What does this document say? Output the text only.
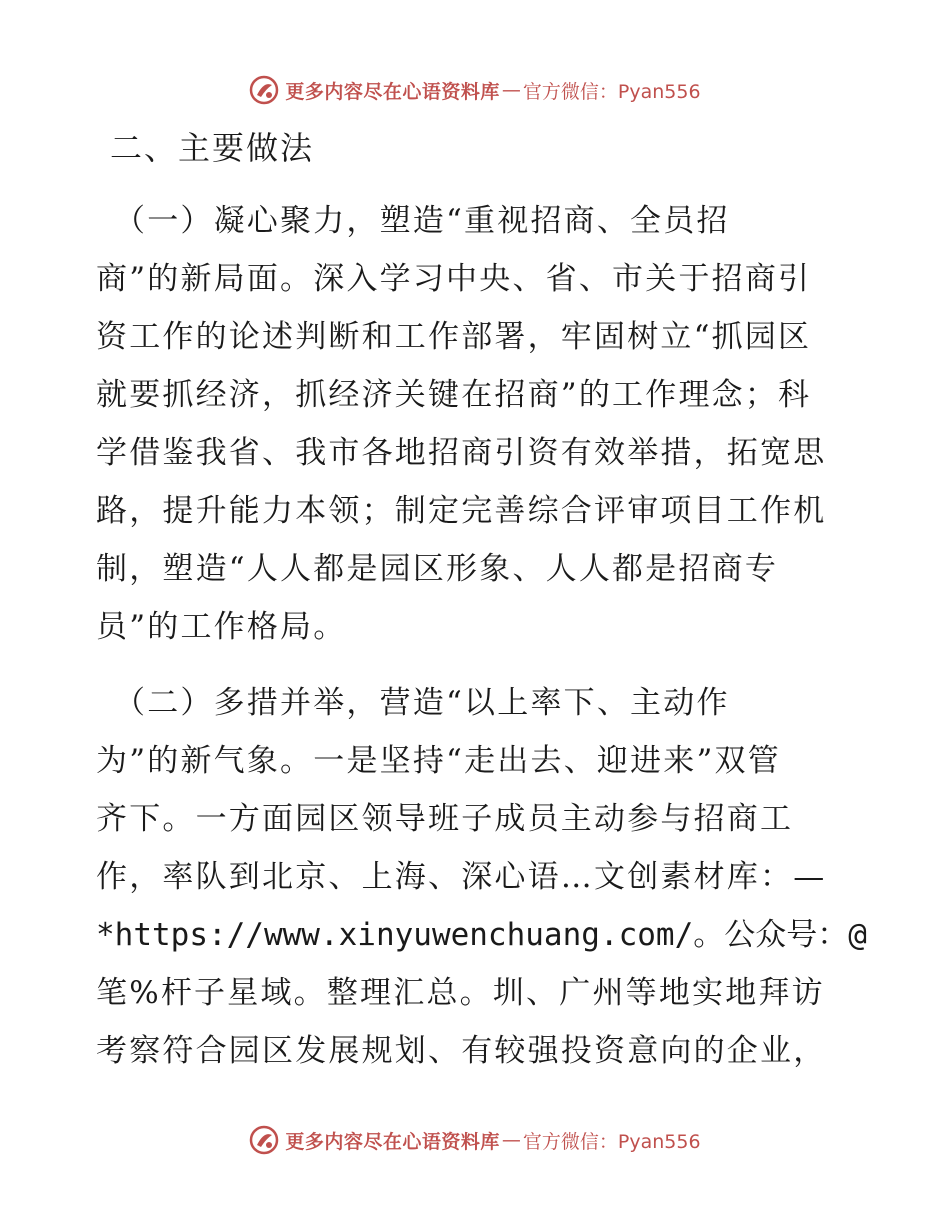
更多内容尽在心语资料库 — 官方微信：Pyan556
二、主要做法
（一）凝心聚力，塑造“重视招商、全员招
商”的新局面。深入学习中央、省、市关于招商引
资工作的论述判断和工作部署，牢固树立“抓园区
就要抓经济，抓经济关键在招商”的工作理念；科
学借鉴我省、我市各地招商引资有效举措，拓宽思
路，提升能力本领；制定完善综合评审项目工作机
制，塑造“人人都是园区形象、人人都是招商专
员”的工作格局。
（二）多措并举，营造“以上率下、主动作
为”的新气象。一是坚持“走出去、迎进来”双管
齐下。一方面园区领导班子成员主动参与招商工
作，率队到北京、上海、深心语…文创素材库：—
*https://www.xinyuwenchuang.com/。公众号：@
笔%杆子星域。整理汇总。圳、广州等地实地拜访
考察符合园区发展规划、有较强投资意向的企业，
更多内容尽在心语资料库 — 官方微信：Pyan556
